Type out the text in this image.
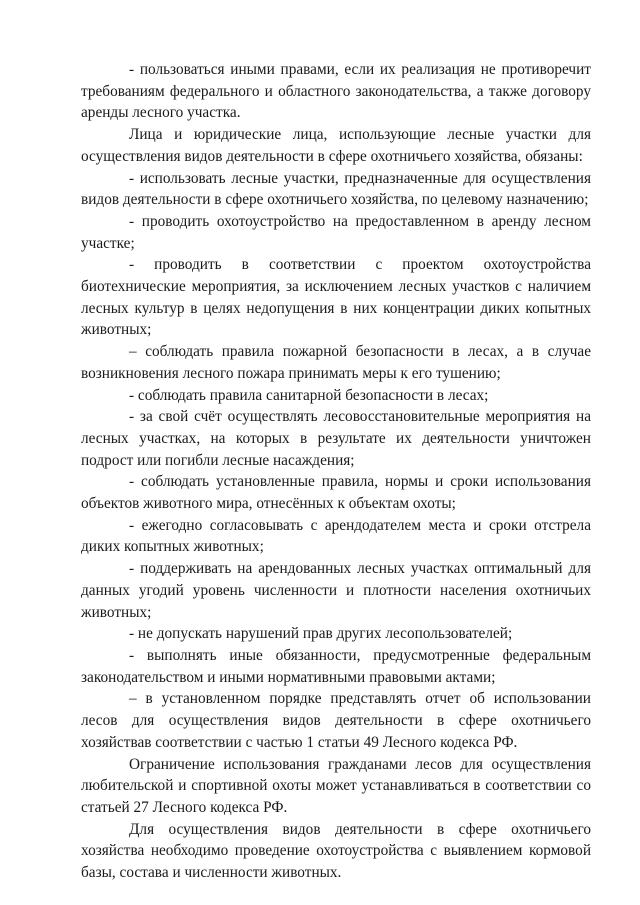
- пользоваться иными правами, если их реализация не противоречит требованиям федерального и областного законодательства, а также договору аренды лесного участка.

Лица и юридические лица, использующие лесные участки для осуществления видов деятельности в сфере охотничьего хозяйства, обязаны:

- использовать лесные участки, предназначенные для осуществления видов деятельности в сфере охотничьего хозяйства, по целевому назначению;

- проводить охотоустройство на предоставленном в аренду лесном участке;

- проводить в соответствии с проектом охотоустройства биотехнические мероприятия, за исключением лесных участков с наличием лесных культур в целях недопущения в них концентрации диких копытных животных;

– соблюдать правила пожарной безопасности в лесах, а в случае возникновения лесного пожара принимать меры к его тушению;

- соблюдать правила санитарной безопасности в лесах;

- за свой счёт осуществлять лесовосстановительные мероприятия на лесных участках, на которых в результате их деятельности уничтожен подрост или погибли лесные насаждения;

- соблюдать установленные правила, нормы и сроки использования объектов животного мира, отнесённых к объектам охоты;

- ежегодно согласовывать с арендодателем места и сроки отстрела диких копытных животных;

- поддерживать на арендованных лесных участках оптимальный для данных угодий уровень численности и плотности населения охотничьих животных;

- не допускать нарушений прав других лесопользователей;

- выполнять иные обязанности, предусмотренные федеральным законодательством и иными нормативными правовыми актами;

– в установленном порядке представлять отчет об использовании лесов для осуществления видов деятельности в сфере охотничьего хозяйствав соответствии с частью 1 статьи 49 Лесного кодекса РФ.

Ограничение использования гражданами лесов для осуществления любительской и спортивной охоты может устанавливаться в соответствии со статьей 27 Лесного кодекса РФ.

Для осуществления видов деятельности в сфере охотничьего хозяйства необходимо проведение охотоустройства с выявлением кормовой базы, состава и численности животных.
